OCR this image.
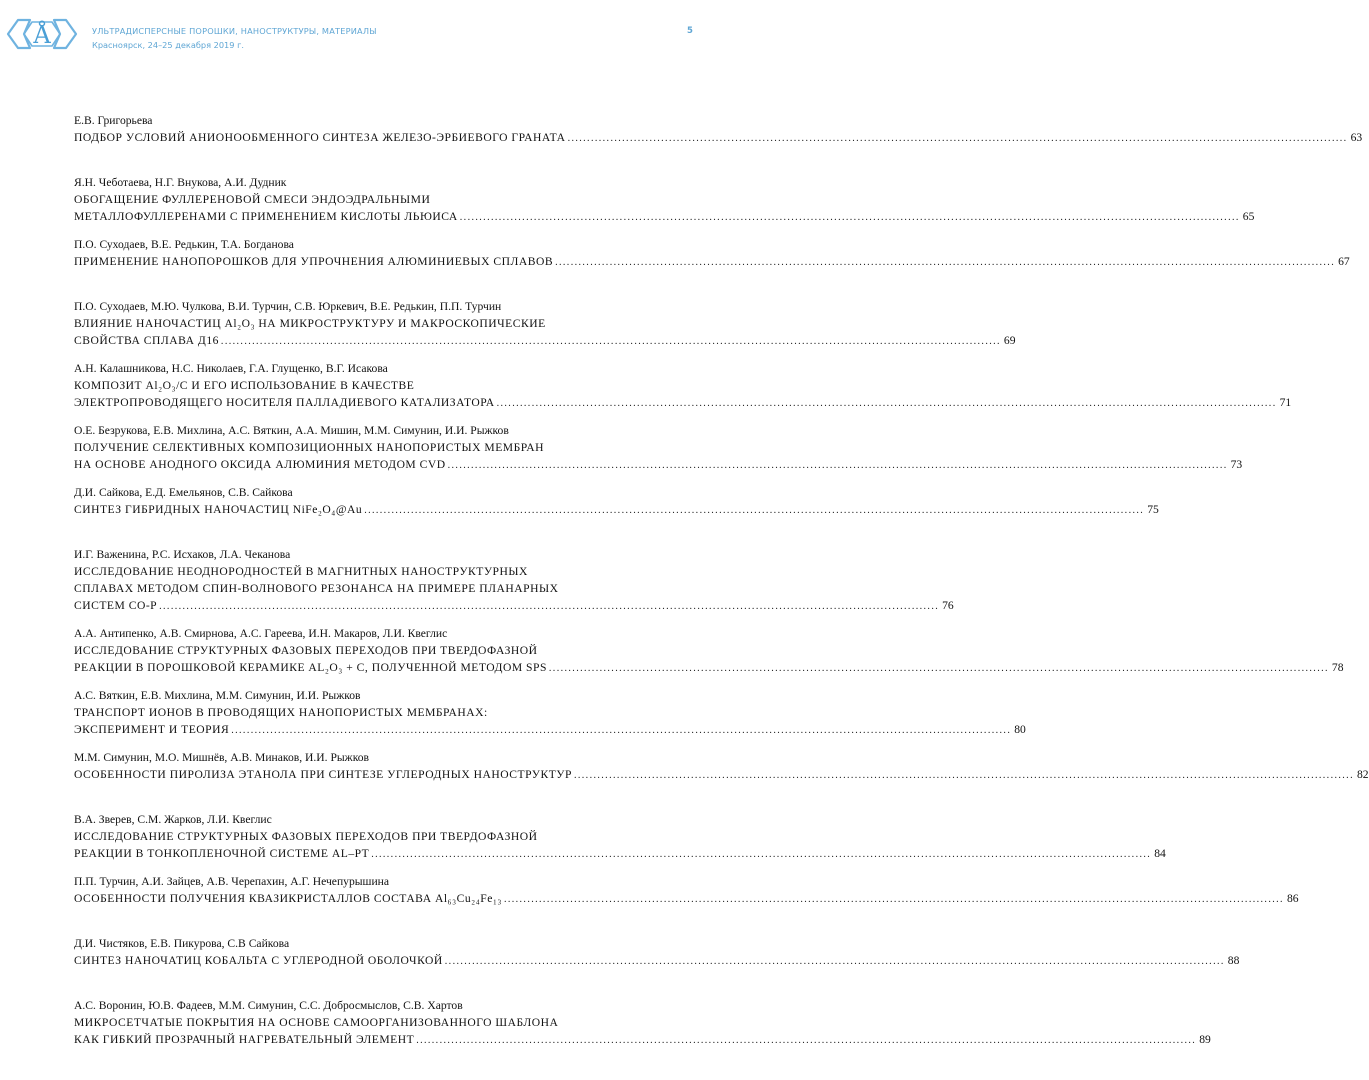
Å	УЛЬТРАДИСПЕРСНЫЕ ПОРОШКИ, НАНОСТРУКТУРЫ, МАТЕРИАЛЫ
Красноярск, 24–25 декабря 2019 г.
5
Е.В. Григорьева
ПОДБОР УСЛОВИЙ АНИОНООБМЕННОГО СИНТЕЗА ЖЕЛЕЗО-ЭРБИЕВОГО ГРАНАТА ........................................................................................................................................................................................................ 63
Я.Н. Чеботаева, Н.Г. Внукова, А.И. Дудник
ОБОГАЩЕНИЕ ФУЛЛЕРЕНОВОЙ СМЕСИ ЭНДОЭДРАЛЬНЫМИ
МЕТАЛЛОФУЛЛЕРЕНАМИ С ПРИМЕНЕНИЕМ КИСЛОТЫ ЛЬЮИСА ........................................................................................................................................................................................................ 65
П.О. Суходаев, В.Е. Редькин, Т.А. Богданова
ПРИМЕНЕНИЕ НАНОПОРОШКОВ ДЛЯ УПРОЧНЕНИЯ АЛЮМИНИЕВЫХ СПЛАВОВ ........................................................................................................................................................................................................ 67
П.О. Суходаев, М.Ю. Чулкова, В.И. Турчин, С.В. Юркевич, В.Е. Редькин, П.П. Турчин
ВЛИЯНИЕ НАНОЧАСТИЦ Al₂O₃ НА МИКРОСТРУКТУРУ И МАКРОСКОПИЧЕСКИЕ
СВОЙСТВА СПЛАВА Д16 ........................................................................................................................................................................................................ 69
А.Н. Калашникова, Н.С. Николаев, Г.А. Глущенко, В.Г. Исакова
КОМПОЗИТ Al₂O₃/C И ЕГО ИСПОЛЬЗОВАНИЕ В КАЧЕСТВЕ
ЭЛЕКТРОПРОВОДЯЩЕГО НОСИТЕЛЯ ПАЛЛАДИЕВОГО КАТАЛИЗАТОРА ........................................................................................................................................................................................................ 71
О.Е. Безрукова, Е.В. Михлина, А.С. Вяткин, А.А. Мишин, М.М. Симунин, И.И. Рыжков
ПОЛУЧЕНИЕ СЕЛЕКТИВНЫХ КОМПОЗИЦИОННЫХ НАНОПОРИСТЫХ МЕМБРАН
НА ОСНОВЕ АНОДНОГО ОКСИДА АЛЮМИНИЯ МЕТОДОМ CVD ........................................................................................................................................................................................................ 73
Д.И. Сайкова, Е.Д. Емельянов, С.В. Сайкова
СИНТЕЗ ГИБРИДНЫХ НАНОЧАСТИЦ NiFe₂O₄@Au ........................................................................................................................................................................................................ 75
И.Г. Важенина, Р.С. Исхаков, Л.А. Чеканова
ИССЛЕДОВАНИЕ НЕОДНОРОДНОСТЕЙ В МАГНИТНЫХ НАНОСТРУКТУРНЫХ
СПЛАВАХ МЕТОДОМ СПИН-ВОЛНОВОГО РЕЗОНАНСА НА ПРИМЕРЕ ПЛАНАРНЫХ
СИСТЕМ CO-P ........................................................................................................................................................................................................ 76
А.А. Антипенко, А.В. Смирнова, А.С. Гареева, И.Н. Макаров, Л.И. Квеглис
ИССЛЕДОВАНИЕ СТРУКТУРНЫХ ФАЗОВЫХ ПЕРЕХОДОВ ПРИ ТВЕРДОФАЗНОЙ
РЕАКЦИИ В ПОРОШКОВОЙ КЕРАМИКЕ AL₂O₃ + C, ПОЛУЧЕННОЙ МЕТОДОМ SPS ........................................................................................................................................................................................................ 78
А.С. Вяткин, Е.В. Михлина, М.М. Симунин, И.И. Рыжков
ТРАНСПОРТ ИОНОВ В ПРОВОДЯЩИХ НАНОПОРИСТЫХ МЕМБРАНАХ:
ЭКСПЕРИМЕНТ И ТЕОРИЯ ........................................................................................................................................................................................................ 80
М.М. Симунин, М.О. Мишнёв, А.В. Минаков, И.И. Рыжков
ОСОБЕННОСТИ ПИРОЛИЗА ЭТАНОЛА ПРИ СИНТЕЗЕ УГЛЕРОДНЫХ НАНОСТРУКТУР ........................................................................................................................................................................................................ 82
В.А. Зверев, С.М. Жарков, Л.И. Квеглис
ИССЛЕДОВАНИЕ СТРУКТУРНЫХ ФАЗОВЫХ ПЕРЕХОДОВ ПРИ ТВЕРДОФАЗНОЙ
РЕАКЦИИ В ТОНКОПЛЕНОЧНОЙ СИСТЕМЕ AL–PT ........................................................................................................................................................................................................ 84
П.П. Турчин, А.И. Зайцев, А.В. Черепахин, А.Г. Нечепурышина
ОСОБЕННОСТИ ПОЛУЧЕНИЯ КВАЗИКРИСТАЛЛОВ СОСТАВА Al₆₃Cu₂₄Fe₁₃ ........................................................................................................................................................................................................ 86
Д.И. Чистяков, Е.В. Пикурова, С.В Сайкова
СИНТЕЗ НАНОЧАТИЦ КОБАЛЬТА С УГЛЕРОДНОЙ ОБОЛОЧКОЙ ........................................................................................................................................................................................................ 88
А.С. Воронин, Ю.В. Фадеев, М.М. Симунин, С.С. Добросмыслов, С.В. Хартов
МИКРОСЕТЧАТЫЕ ПОКРЫТИЯ НА ОСНОВЕ САМООРГАНИЗОВАННОГО ШАБЛОНА
КАК ГИБКИЙ ПРОЗРАЧНЫЙ НАГРЕВАТЕЛЬНЫЙ ЭЛЕМЕНТ ........................................................................................................................................................................................................ 89
